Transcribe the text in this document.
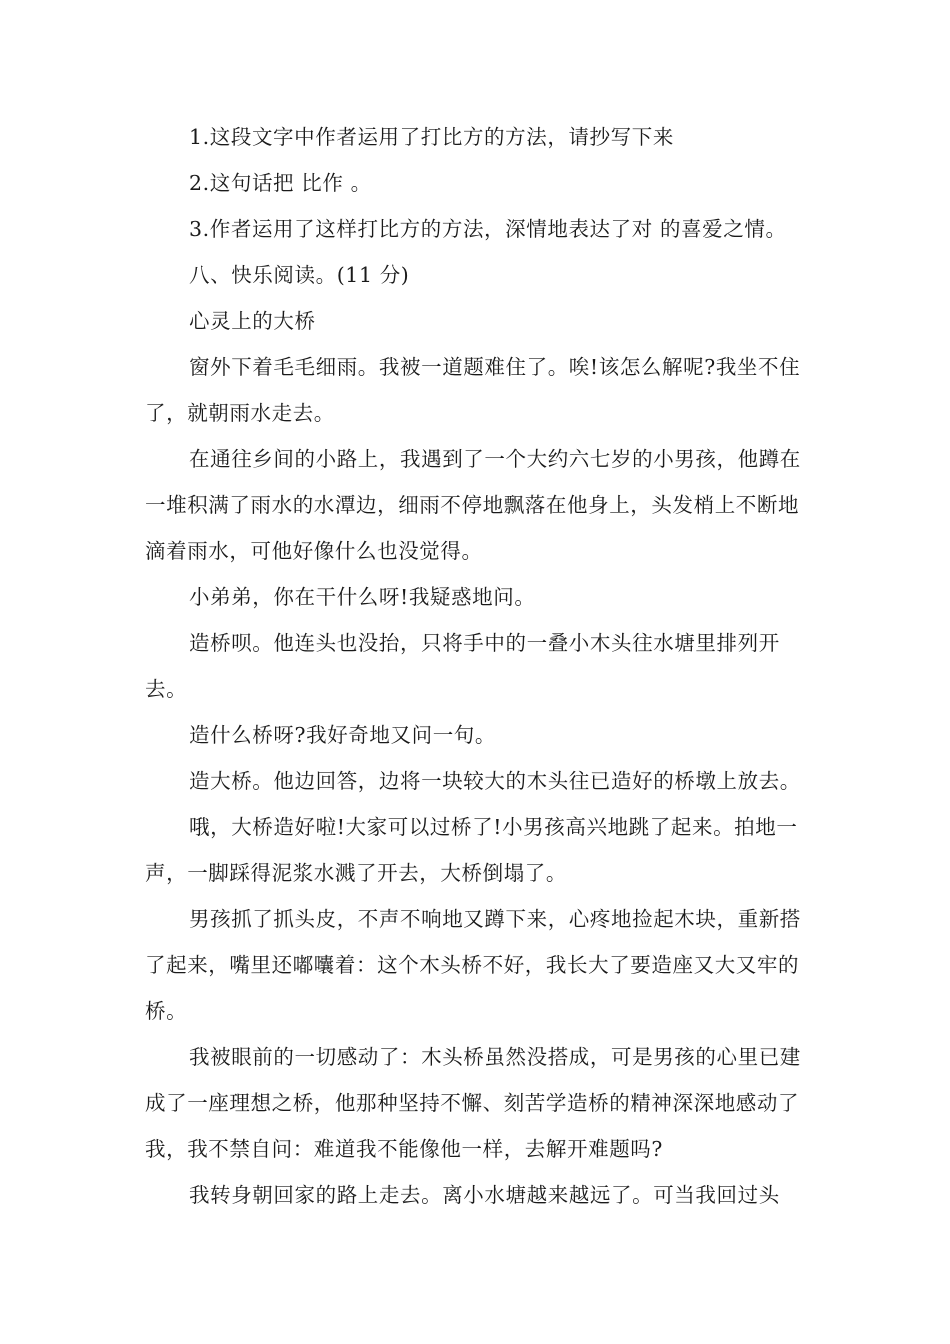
1.这段文字中作者运用了打比方的方法，请抄写下来

2.这句话把 比作 。

3.作者运用了这样打比方的方法，深情地表达了对 的喜爱之情。

八、快乐阅读。(11 分)

心灵上的大桥

窗外下着毛毛细雨。我被一道题难住了。唉!该怎么解呢?我坐不住了，就朝雨水走去。

在通往乡间的小路上，我遇到了一个大约六七岁的小男孩，他蹲在一堆积满了雨水的水潭边，细雨不停地飘落在他身上，头发梢上不断地滴着雨水，可他好像什么也没觉得。

小弟弟，你在干什么呀!我疑惑地问。

造桥呗。他连头也没抬，只将手中的一叠小木头往水塘里排列开去。

造什么桥呀?我好奇地又问一句。

造大桥。他边回答，边将一块较大的木头往已造好的桥墩上放去。

哦，大桥造好啦!大家可以过桥了!小男孩高兴地跳了起来。拍地一声，一脚踩得泥浆水溅了开去，大桥倒塌了。

男孩抓了抓头皮，不声不响地又蹲下来，心疼地捡起木块，重新搭了起来，嘴里还嘟囔着：这个木头桥不好，我长大了要造座又大又牢的桥。

我被眼前的一切感动了：木头桥虽然没搭成，可是男孩的心里已建成了一座理想之桥，他那种坚持不懈、刻苦学造桥的精神深深地感动了我，我不禁自问：难道我不能像他一样，去解开难题吗?

我转身朝回家的路上走去。离小水塘越来越远了。可当我回过头
